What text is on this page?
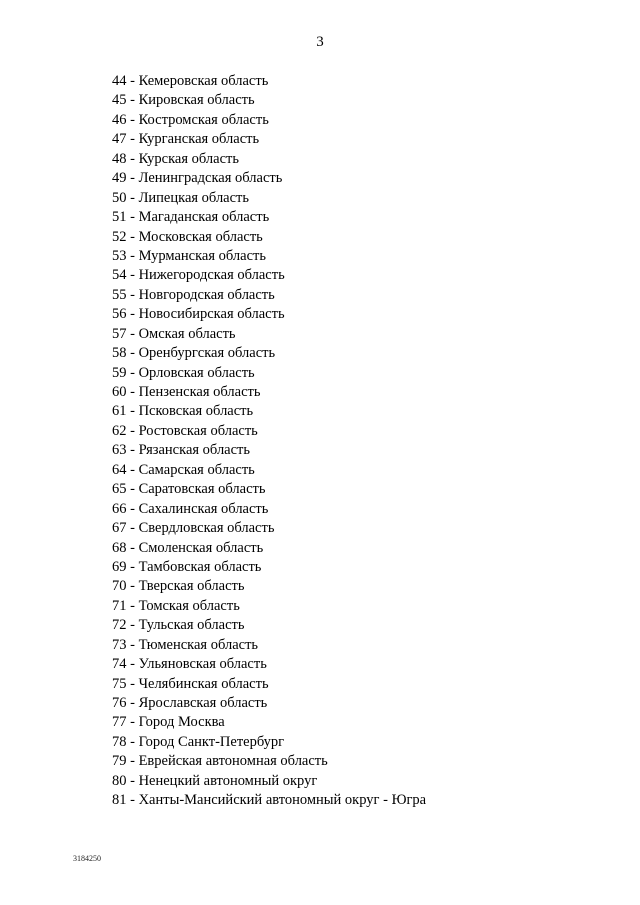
3
44 - Кемеровская область
45 - Кировская область
46 - Костромская область
47 - Курганская область
48 - Курская область
49 - Ленинградская область
50 - Липецкая область
51 - Магаданская область
52 - Московская область
53 - Мурманская область
54 - Нижегородская область
55 - Новгородская область
56 - Новосибирская область
57 - Омская область
58 - Оренбургская область
59 - Орловская область
60 - Пензенская область
61 - Псковская область
62 - Ростовская область
63 - Рязанская область
64 - Самарская область
65 - Саратовская область
66 - Сахалинская область
67 - Свердловская область
68 - Смоленская область
69 - Тамбовская область
70 - Тверская область
71 - Томская область
72 - Тульская область
73 - Тюменская область
74 - Ульяновская область
75 - Челябинская область
76 - Ярославская область
77 - Город Москва
78 - Город Санкт-Петербург
79 - Еврейская автономная область
80 - Ненецкий автономный округ
81 - Ханты-Мансийский автономный округ - Югра
3184250
